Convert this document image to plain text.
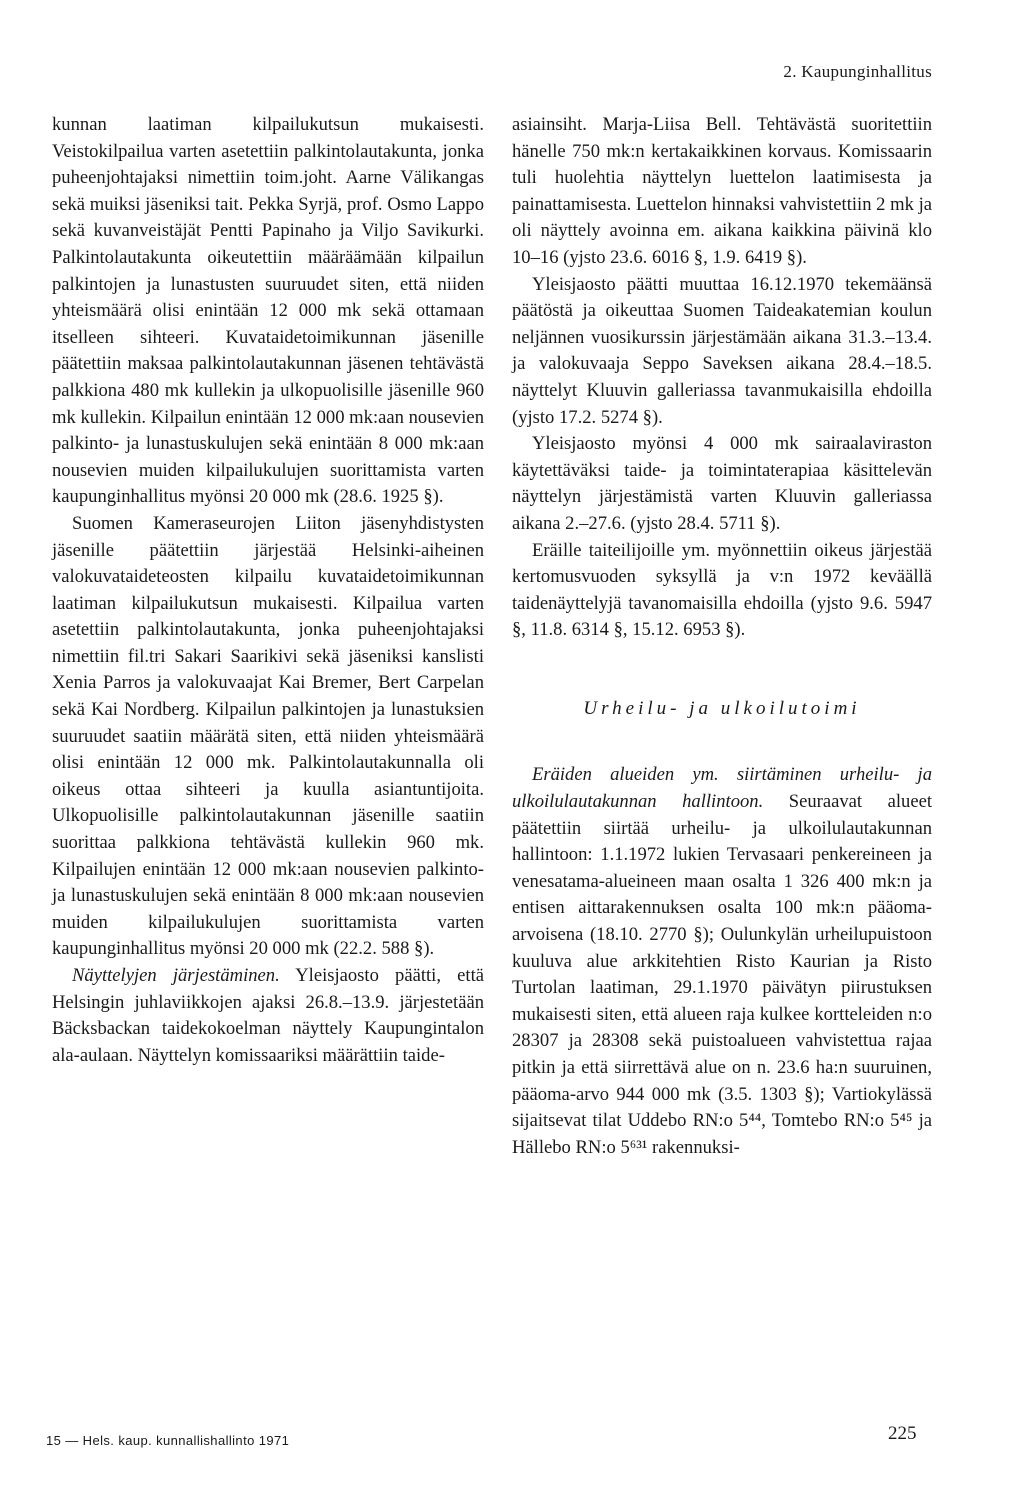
2. Kaupunginhallitus

kunnan laatiman kilpailukutsun mukaisesti. Veistokilpailua varten asetettiin palkintolautakunta, jonka puheenjohtajaksi nimettiin toim.joht. Aarne Välikangas sekä muiksi jäseniksi tait. Pekka Syrjä, prof. Osmo Lappo sekä kuvanveistäjät Pentti Papinaho ja Viljo Savikurki. Palkintolautakunta oikeutettiin määräämään kilpailun palkintojen ja lunastusten suuruudet siten, että niiden yhteismäärä olisi enintään 12 000 mk sekä ottamaan itselleen sihteeri. Kuvataidetoimikunnan jäsenille päätettiin maksaa palkintolautakunnan jäsenen tehtävästä palkkiona 480 mk kullekin ja ulkopuolisille jäsenille 960 mk kullekin. Kilpailun enintään 12 000 mk:aan nousevien palkinto- ja lunastuskulujen sekä enintään 8 000 mk:aan nousevien muiden kilpailukulujen suorittamista varten kaupunginhallitus myönsi 20 000 mk (28.6. 1925 §).

Suomen Kameraseurojen Liiton jäsenyhdistysten jäsenille päätettiin järjestää Helsinki-aiheinen valokuvataideteosten kilpailu kuvataidetoimikunnan laatiman kilpailukutsun mukaisesti. Kilpailua varten asetettiin palkintolautakunta, jonka puheenjohtajaksi nimettiin fil.tri Sakari Saarikivi sekä jäseniksi kanslisti Xenia Parros ja valokuvaajat Kai Bremer, Bert Carpelan sekä Kai Nordberg. Kilpailun palkintojen ja lunastuksien suuruudet saatiin määrätä siten, että niiden yhteismäärä olisi enintään 12 000 mk. Palkintolautakunnalla oli oikeus ottaa sihteeri ja kuulla asiantuntijoita. Ulkopuolisille palkintolautakunnan jäsenille saatiin suorittaa palkkiona tehtävästä kullekin 960 mk. Kilpailujen enintään 12 000 mk:aan nousevien palkinto- ja lunastuskulujen sekä enintään 8 000 mk:aan nousevien muiden kilpailukulujen suorittamista varten kaupunginhallitus myönsi 20 000 mk (22.2. 588 §).

Näyttelyjen järjestäminen. Yleisjaosto päätti, että Helsingin juhlaviikkojen ajaksi 26.8.–13.9. järjestetään Bäcksbackan taidekokoelman näyttely Kaupungintalon ala-aulaan. Näyttelyn komissaariksi määrättiin taide-

asiainsiht. Marja-Liisa Bell. Tehtävästä suoritettiin hänelle 750 mk:n kertakaikkinen korvaus. Komissaarin tuli huolehtia näyttelyn luettelon laatimisesta ja painattamisesta. Luettelon hinnaksi vahvistettiin 2 mk ja oli näyttely avoinna em. aikana kaikkina päivinä klo 10–16 (yjsto 23.6. 6016 §, 1.9. 6419 §).

Yleisjaosto päätti muuttaa 16.12.1970 tekemäänsä päätöstä ja oikeuttaa Suomen Taideakatemian koulun neljännen vuosikurssin järjestämään aikana 31.3.–13.4. ja valokuvaaja Seppo Saveksen aikana 28.4.–18.5. näyttelyt Kluuvin galleriassa tavanmukaisilla ehdoilla (yjsto 17.2. 5274 §).

Yleisjaosto myönsi 4 000 mk sairaalaviraston käytettäväksi taide- ja toimintaterapiaa käsittelevän näyttelyn järjestämistä varten Kluuvin galleriassa aikana 2.–27.6. (yjsto 28.4. 5711 §).

Eräille taiteilijoille ym. myönnettiin oikeus järjestää kertomusvuoden syksyllä ja v:n 1972 keväällä taidenäyttelyjä tavanomaisilla ehdoilla (yjsto 9.6. 5947 §, 11.8. 6314 §, 15.12. 6953 §).

Urheilu- ja ulkoilutoimi

Eräiden alueiden ym. siirtäminen urheilu- ja ulkoilulautakunnan hallintoon. Seuraavat alueet päätettiin siirtää urheilu- ja ulkoilulautakunnan hallintoon: 1.1.1972 lukien Tervasaari penkereineen ja venesatama-alueineen maan osalta 1 326 400 mk:n ja entisen aittarakennuksen osalta 100 mk:n pääoma-arvoisena (18.10. 2770 §); Oulunkylän urheilupuistoon kuuluva alue arkkitehtien Risto Kaurian ja Risto Turtolan laatiman, 29.1.1970 päivätyn piirustuksen mukaisesti siten, että alueen raja kulkee kortteleiden n:o 28307 ja 28308 sekä puistoalueen vahvistettua rajaa pitkin ja että siirrettävä alue on n. 23.6 ha:n suuruinen, pääoma-arvo 944 000 mk (3.5. 1303 §); Vartiokylässä sijaitsevat tilat Uddebo RN:o 5⁴⁴, Tomtebo RN:o 5⁴⁵ ja Hällebo RN:o 5⁶³¹ rakennuksi-

15 — Hels. kaup. kunnallishallinto 1971	225
